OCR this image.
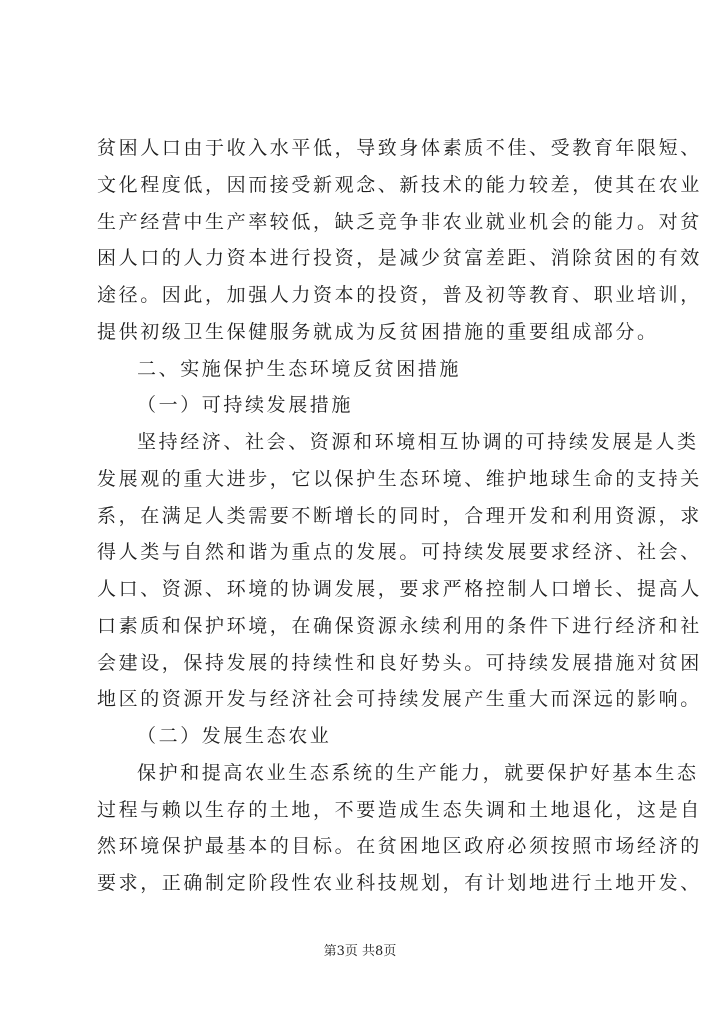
贫困人口由于收入水平低，导致身体素质不佳、受教育年限短、
文化程度低，因而接受新观念、新技术的能力较差，使其在农业
生产经营中生产率较低，缺乏竞争非农业就业机会的能力。对贫
困人口的人力资本进行投资，是减少贫富差距、消除贫困的有效
途径。因此，加强人力资本的投资，普及初等教育、职业培训，
提供初级卫生保健服务就成为反贫困措施的重要组成部分。
二、实施保护生态环境反贫困措施
（一）可持续发展措施
坚持经济、社会、资源和环境相互协调的可持续发展是人类
发展观的重大进步，它以保护生态环境、维护地球生命的支持关
系，在满足人类需要不断增长的同时，合理开发和利用资源，求
得人类与自然和谐为重点的发展。可持续发展要求经济、社会、
人口、资源、环境的协调发展，要求严格控制人口增长、提高人
口素质和保护环境，在确保资源永续利用的条件下进行经济和社
会建设，保持发展的持续性和良好势头。可持续发展措施对贫困
地区的资源开发与经济社会可持续发展产生重大而深远的影响。
（二）发展生态农业
保护和提高农业生态系统的生产能力，就要保护好基本生态
过程与赖以生存的土地，不要造成生态失调和土地退化，这是自
然环境保护最基本的目标。在贫困地区政府必须按照市场经济的
要求，正确制定阶段性农业科技规划，有计划地进行土地开发、
第3页 共8页
